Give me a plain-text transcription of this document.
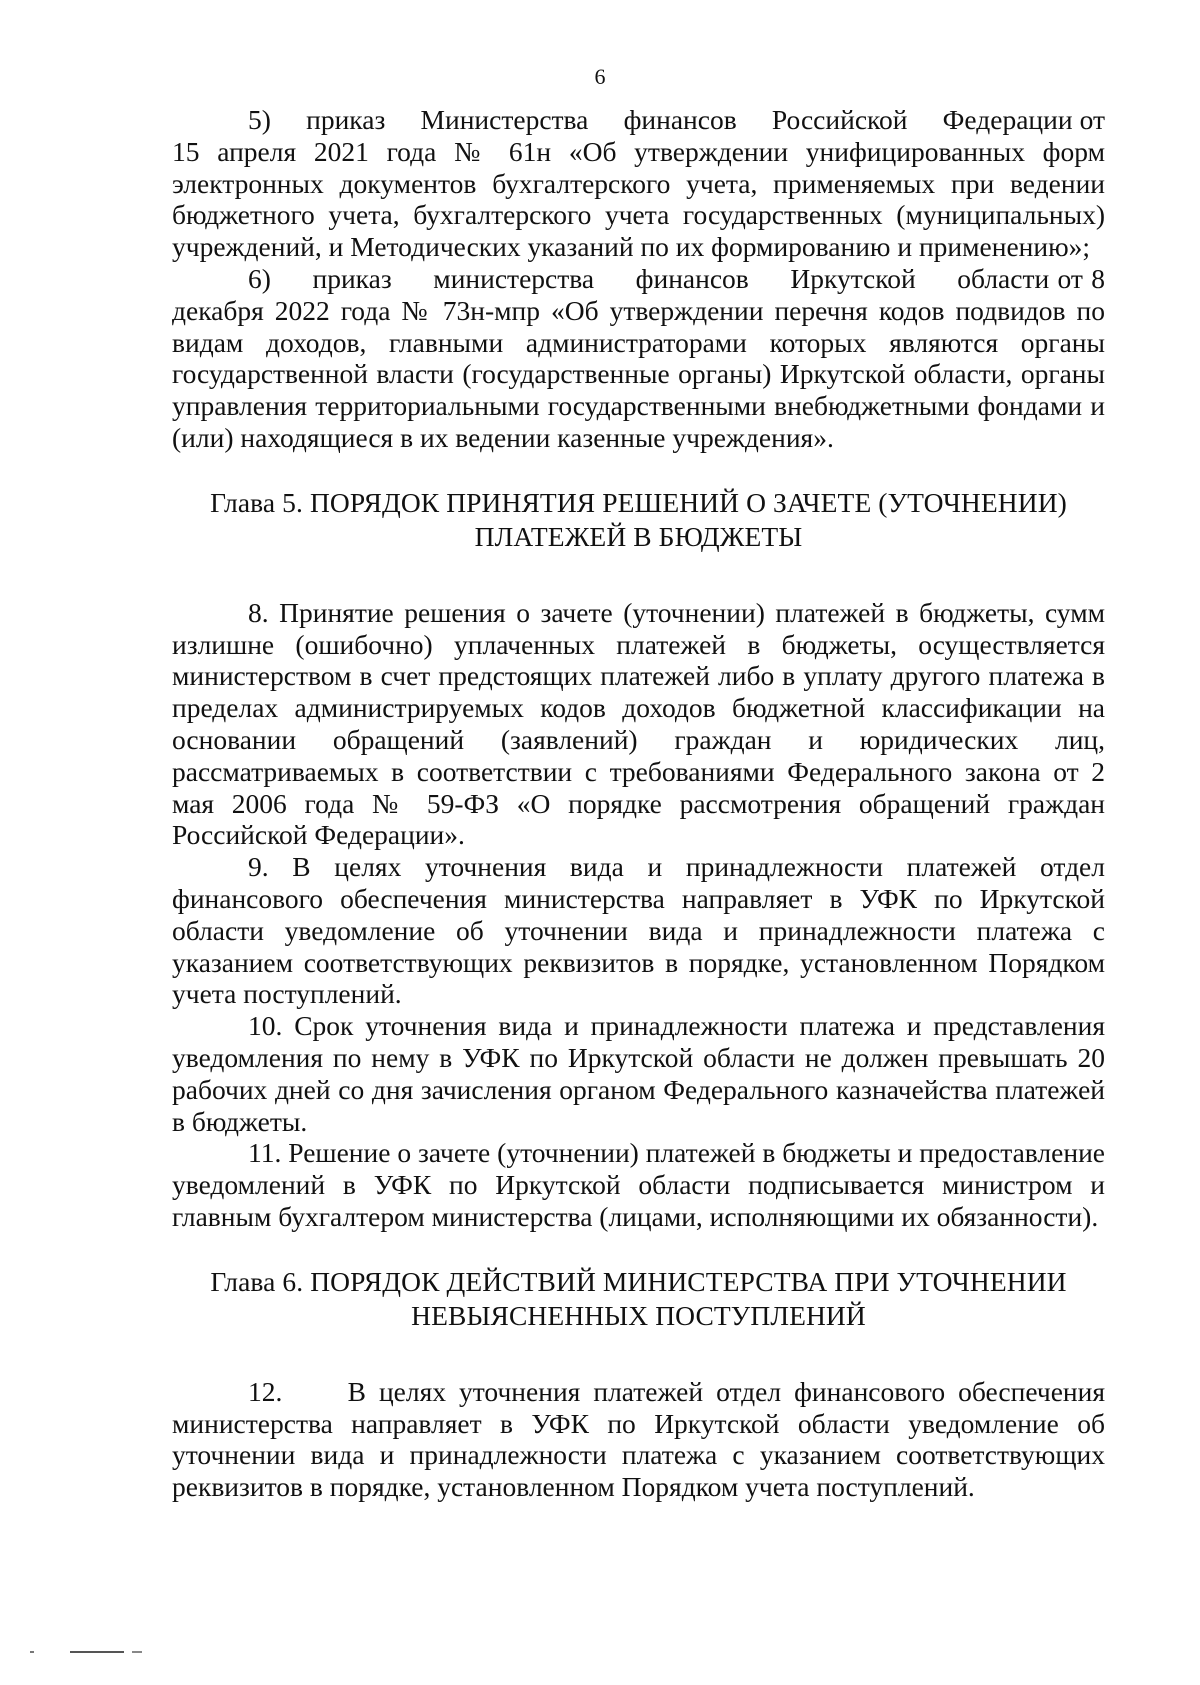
6

5)     приказ     Министерства     финансов     Российской     Федерации от 15 апреля 2021 года № 61н «Об утверждении унифицированных форм электронных документов бухгалтерского учета, применяемых при ведении бюджетного учета, бухгалтерского учета государственных (муниципальных) учреждений, и Методических указаний по их формированию и применению»;

6)     приказ     министерства     финансов     Иркутской     области от 8 декабря 2022 года № 73н-мпр «Об утверждении перечня кодов подвидов по видам доходов, главными администраторами которых являются органы государственной власти (государственные органы) Иркутской области, органы управления территориальными государственными внебюджетными фондами и (или) находящиеся в их ведении казенные учреждения».

Глава 5. ПОРЯДОК ПРИНЯТИЯ РЕШЕНИЙ О ЗАЧЕТЕ (УТОЧНЕНИИ)
ПЛАТЕЖЕЙ В БЮДЖЕТЫ

8. Принятие решения о зачете (уточнении) платежей в бюджеты, сумм излишне (ошибочно) уплаченных платежей в бюджеты, осуществляется министерством в счет предстоящих платежей либо в уплату другого платежа в пределах администрируемых кодов доходов бюджетной классификации на основании обращений (заявлений) граждан и юридических лиц, рассматриваемых в соответствии с требованиями Федерального закона от 2 мая 2006 года № 59-ФЗ «О порядке рассмотрения обращений граждан Российской Федерации».

9. В целях уточнения вида и принадлежности платежей отдел финансового обеспечения министерства направляет в УФК по Иркутской области уведомление об уточнении вида и принадлежности платежа с указанием соответствующих реквизитов в порядке, установленном Порядком учета поступлений.

10. Срок уточнения вида и принадлежности платежа и представления уведомления по нему в УФК по Иркутской области не должен превышать 20 рабочих дней со дня зачисления органом Федерального казначейства платежей в бюджеты.

11. Решение о зачете (уточнении) платежей в бюджеты и предоставление уведомлений в УФК по Иркутской области подписывается министром и главным бухгалтером министерства (лицами, исполняющими их обязанности).

Глава 6. ПОРЯДОК ДЕЙСТВИЙ МИНИСТЕРСТВА ПРИ УТОЧНЕНИИ
НЕВЫЯСНЕННЫХ ПОСТУПЛЕНИЙ

12.     В целях уточнения платежей отдел финансового обеспечения министерства направляет в УФК по Иркутской области уведомление об уточнении вида и принадлежности платежа с указанием соответствующих реквизитов в порядке, установленном Порядком учета поступлений.
